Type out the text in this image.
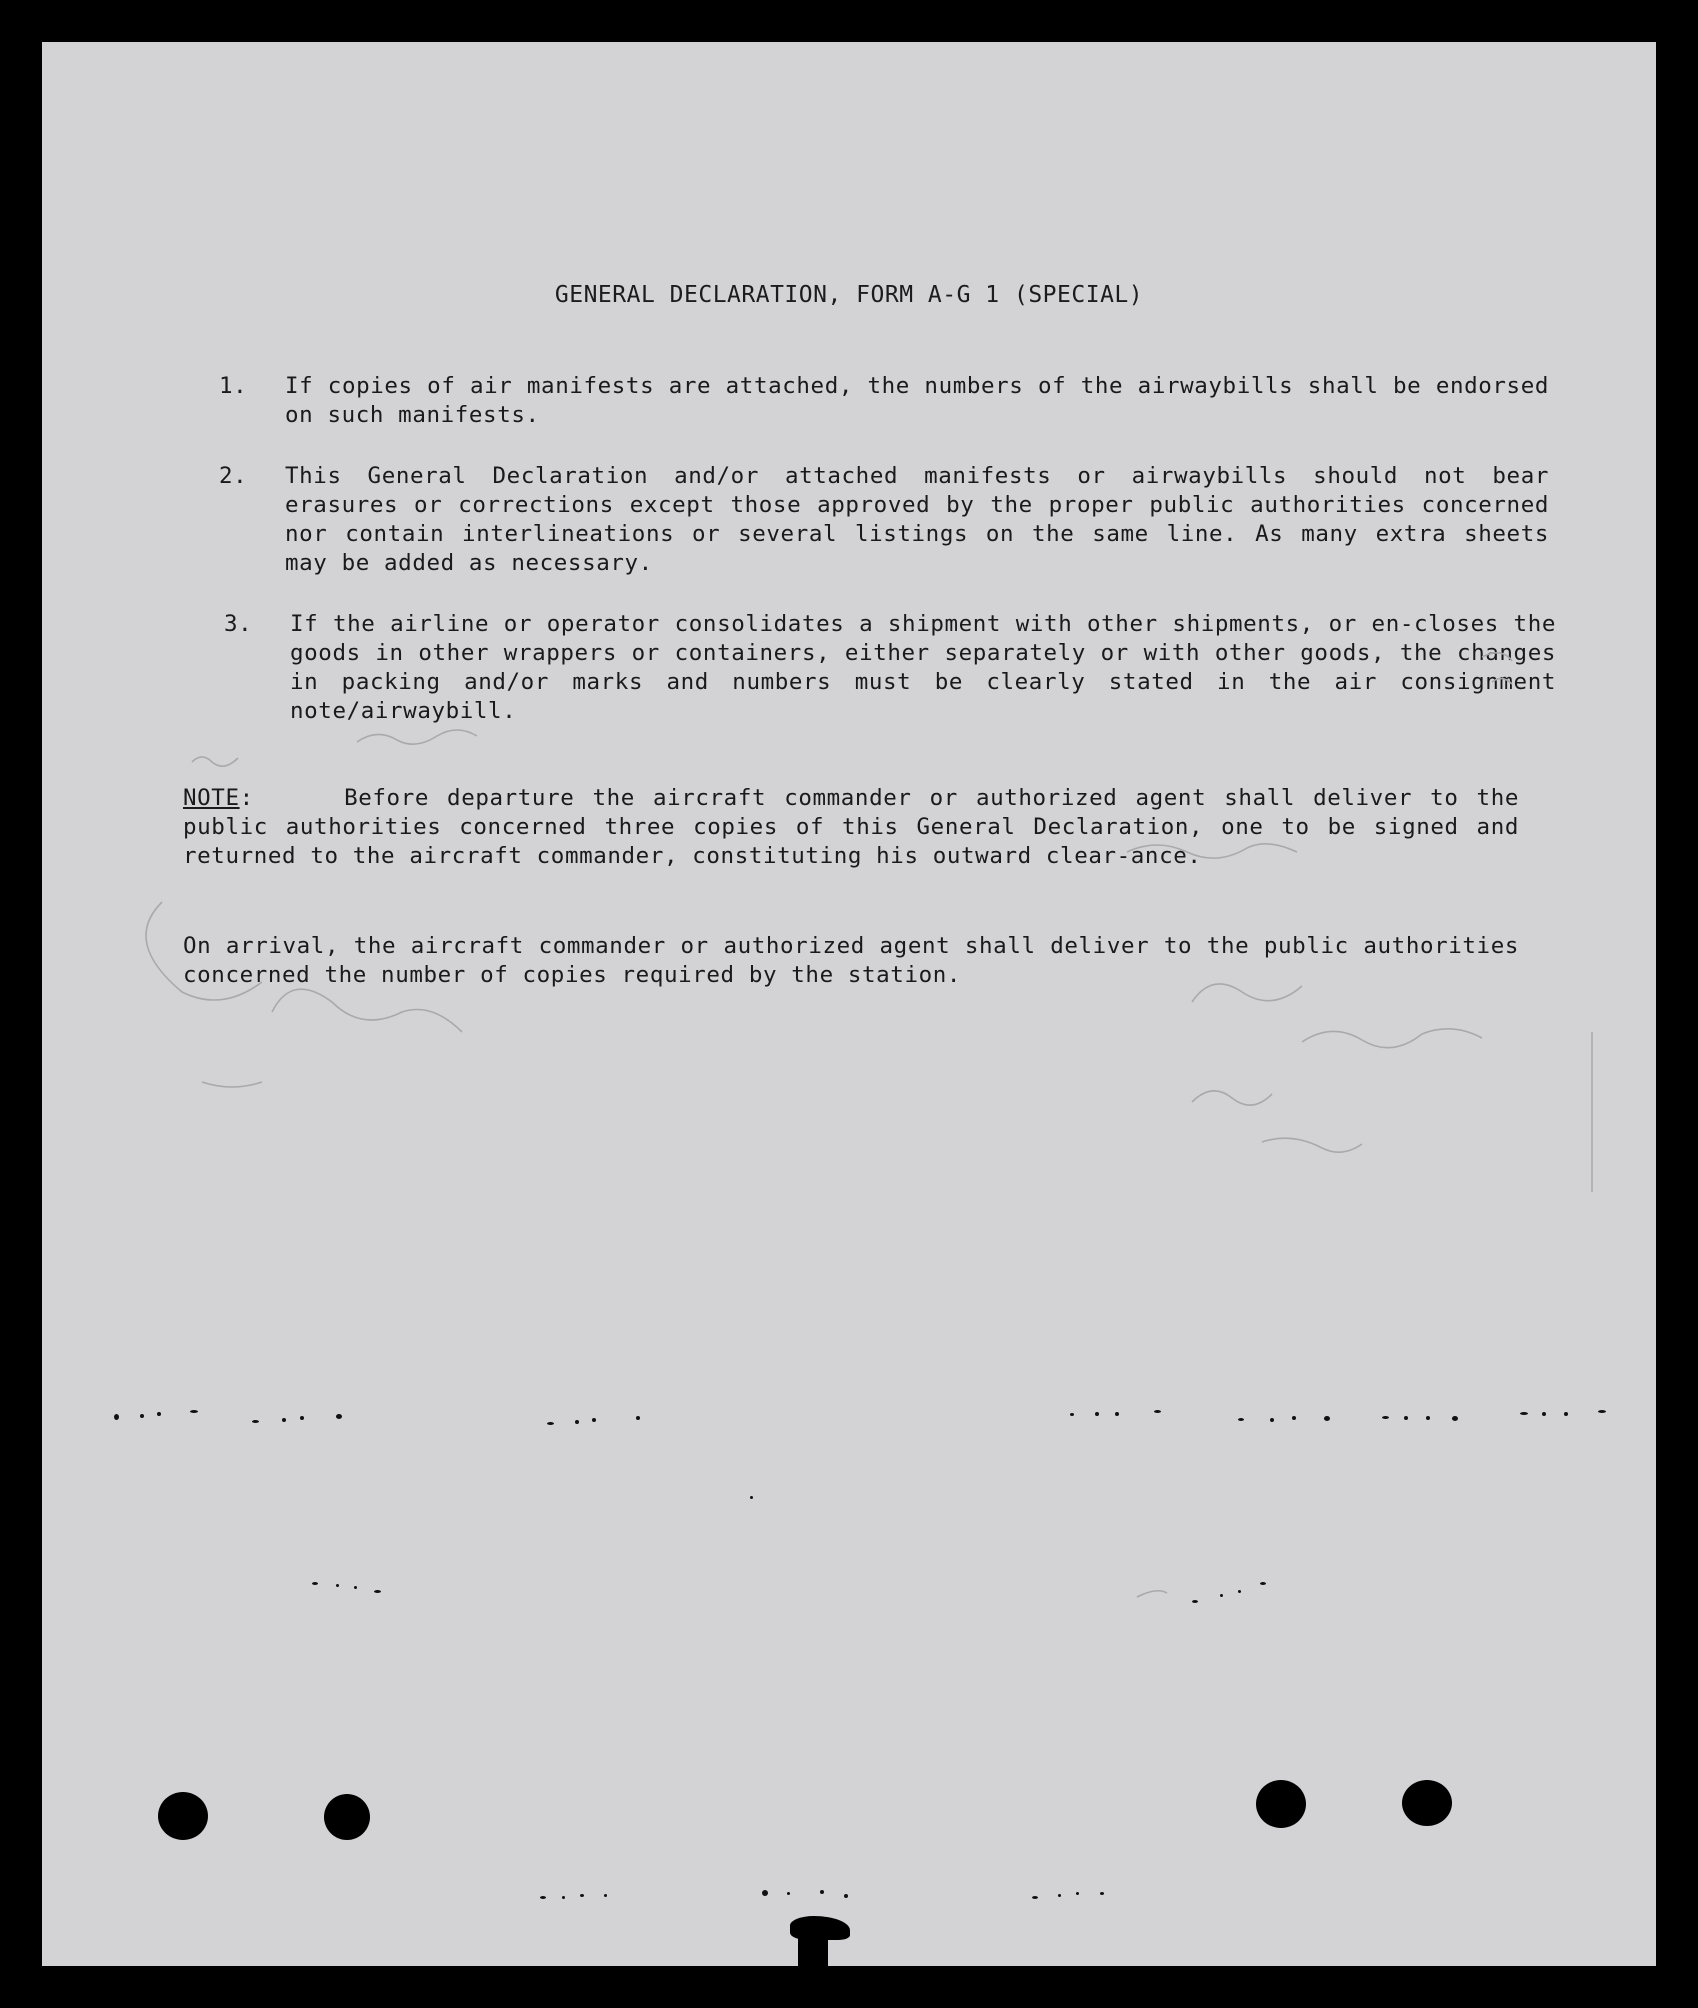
GENERAL DECLARATION, FORM A-G 1 (SPECIAL)
1. If copies of air manifests are attached, the numbers of the airwaybills shall be endorsed on such manifests.
2. This General Declaration and/or attached manifests or airwaybills should not bear erasures or corrections except those approved by the proper public authorities concerned nor contain interlineations or several listings on the same line. As many extra sheets may be added as necessary.
3. If the airline or operator consolidates a shipment with other shipments, or en-closes the goods in other wrappers or containers, either separately or with other goods, the changes in packing and/or marks and numbers must be clearly stated in the air consignment note/airwaybill.
NOTE:     Before departure the aircraft commander or authorized agent shall deliver to the public authorities concerned three copies of this General Declaration, one to be signed and returned to the aircraft commander, constituting his outward clear-ance.
On arrival, the aircraft commander or authorized agent shall deliver to the public authorities concerned the number of copies required by the station.
